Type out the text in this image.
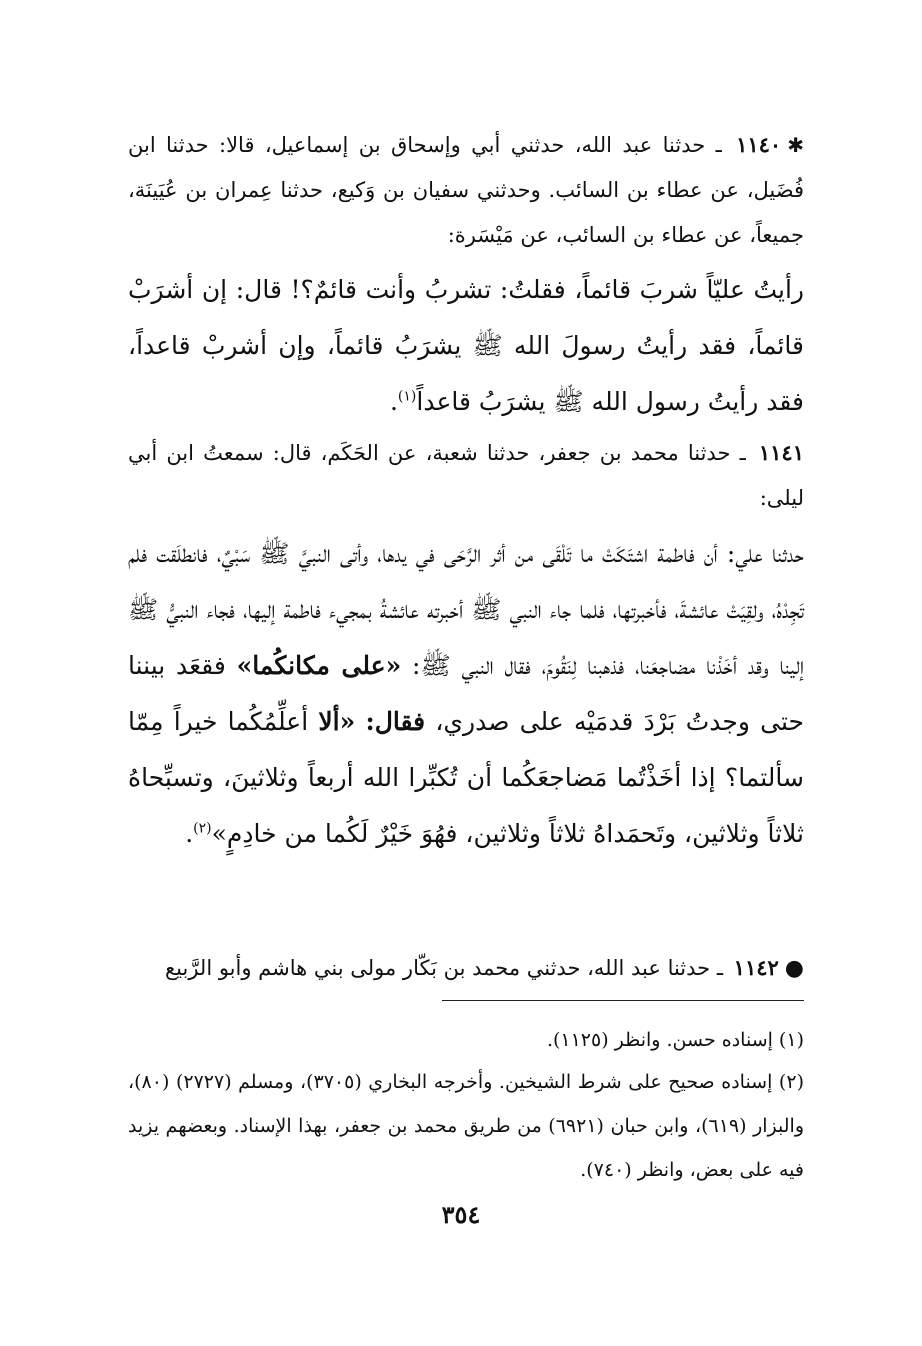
✱١١٤٠ ـ حدثنا عبد الله، حدثني أبي وإسحاق بن إسماعيل، قالا: حدثنا ابن فُضَيل، عن عطاء بن السائب. وحدثني سفيان بن وَكيع، حدثنا عِمران بن عُيَينَة، جميعاً، عن عطاء بن السائب، عن مَيْسَرة:
رأيتُ عليّاً شربَ قائماً، فقلتُ: تشربُ وأنت قائمٌ؟! قال: إن أشرَبْ قائماً، فقد رأيتُ رسولَ الله ﷺ يشرَبُ قائماً، وإن أشربْ قاعداً، فقد رأيتُ رسول الله ﷺ يشرَبُ قاعداً$^{(١)}$.
١١٤١ ـ حدثنا محمد بن جعفر، حدثنا شعبة، عن الحَكَم، قال: سمعتُ ابن أبي ليلى:
حدثنا علي: أن فاطمة اشتَكَتْ ما تَلْقَى من أثر الرَّحَى في يدها، وأتى النبيَّ ﷺ سَبْيٌ، فانطلَقت فلم تَجِدْهُ، ولقِيَتْ عائشةَ، فأخبرتها، فلما جاء النبي ﷺ أخبرته عائشةُ بمجيء فاطمة إليها، فجاء النبيُّ ﷺ إلينا وقد أخَذْنا مضاجعَنا، فذهبنا لِنَقُومَ، فقال النبي ﷺ: «على مكانكُما» فقعَد بيننا حتى وجدتُ بَرْدَ قدمَيْه على صدري، فقال: «ألا أعلِّمُكُما خيراً مِمّا سألتما؟ إذا أخَذْتُما مَضاجعَكُما أن تُكبِّرا الله أربعاً وثلاثينَ، وتسبِّحاهُ ثلاثاً وثلاثين، وتَحمَداهُ ثلاثاً وثلاثين، فهُوَ خَيْرٌ لَكُما من خادِمٍ»$^{(٢)}$.
●١١٤٢ ـ حدثنا عبد الله، حدثني محمد بن بَكّار مولى بني هاشم وأبو الرَّبيع
(١) إسناده حسن. وانظر (١١٢٥).
(٢) إسناده صحيح على شرط الشيخين. وأخرجه البخاري (٣٧٠٥)، ومسلم (٢٧٢٧) (٨٠)، والبزار (٦١٩)، وابن حبان (٦٩٢١) من طريق محمد بن جعفر، بهذا الإسناد. وبعضهم يزيد فيه على بعض، وانظر (٧٤٠).
٣٥٤
